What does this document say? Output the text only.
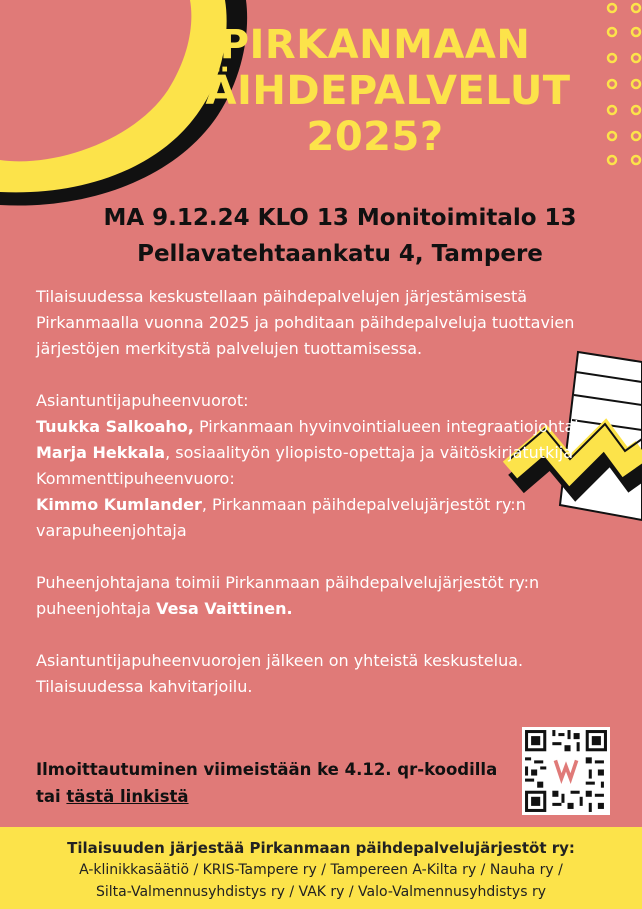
PIRKANMAAN
PÄIHDEPALVELUT
2025?
MA 9.12.24 KLO 13 Monitoimitalo 13
Pellavatehtaankatu 4, Tampere

Tilaisuudessa keskustellaan päihdepalvelujen järjestämisestä Pirkanmaalla vuonna 2025 ja pohditaan päihdepalveluja tuottavien järjestöjen merkitystä palvelujen tuottamisessa.

Asiantuntijapuheenvuorot:

Tuukka Salkoaho, Pirkanmaan hyvinvointialueen integraatiojohtaja

Marja Hekkala, sosiaalityön yliopisto-opettaja ja väitöskirjatutkija

Kommenttipuheenvuoro:

Kimmo Kumlander, Pirkanmaan päihdepalvelujärjestöt ry:n varapuheenjohtaja

Puheenjohtajana toimii Pirkanmaan päihdepalvelujärjestöt ry:n puheenjohtaja Vesa Vaittinen.

Asiantuntijapuheenvuorojen jälkeen on yhteistä keskustelua.

Tilaisuudessa kahvitarjoilu.

Ilmoittautuminen viimeistään ke 4.12. qr-koodilla tai tästä linkistä
Tilaisuuden järjestää Pirkanmaan päihdepalvelujärjestöt ry:
A-klinikkasäätiö / KRIS-Tampere ry / Tampereen A-Kilta ry / Nauha ry /
Silta-Valmennusyhdistys ry / VAK ry / Valo-Valmennusyhdistys ry
